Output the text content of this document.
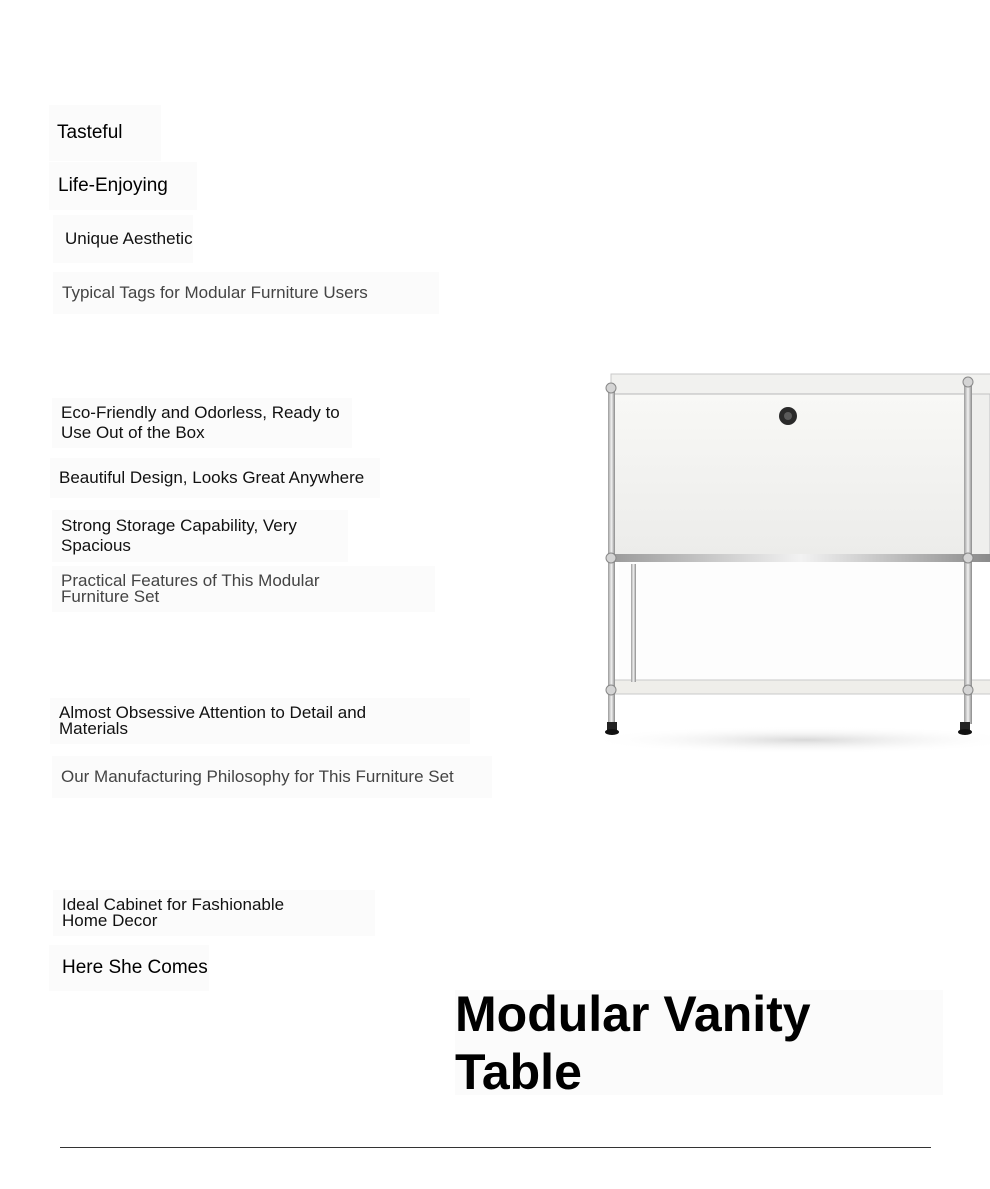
Tasteful
Life-Enjoying
Unique Aesthetic
Typical Tags for Modular Furniture Users
Eco-Friendly and Odorless, Ready to
Use Out of the Box
Beautiful Design, Looks Great Anywhere
Strong Storage Capability, Very
Spacious
Practical Features of This Modular
Furniture Set
Almost Obsessive Attention to Detail and
Materials
Our Manufacturing Philosophy for This Furniture Set
Ideal Cabinet for Fashionable
Home Decor
Here She Comes
Modular Vanity Table
